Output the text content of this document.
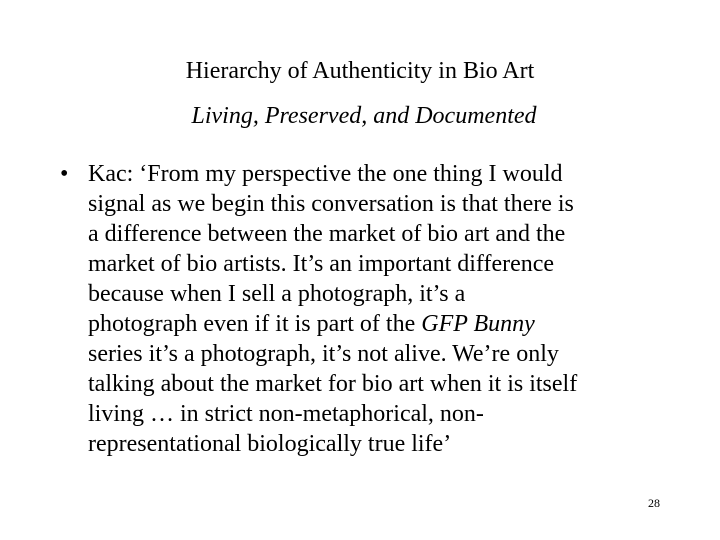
Hierarchy of Authenticity in Bio Art
Living, Preserved, and Documented
• Kac: ‘From my perspective the one thing I would
signal as we begin this conversation is that there is
a difference between the market of bio art and the
market of bio artists. It’s an important difference
because when I sell a photograph, it’s a
photograph even if it is part of the GFP Bunny
series it’s a photograph, it’s not alive. We’re only
talking about the market for bio art when it is itself
living … in strict non-metaphorical, non-
representational biologically true life’
28
